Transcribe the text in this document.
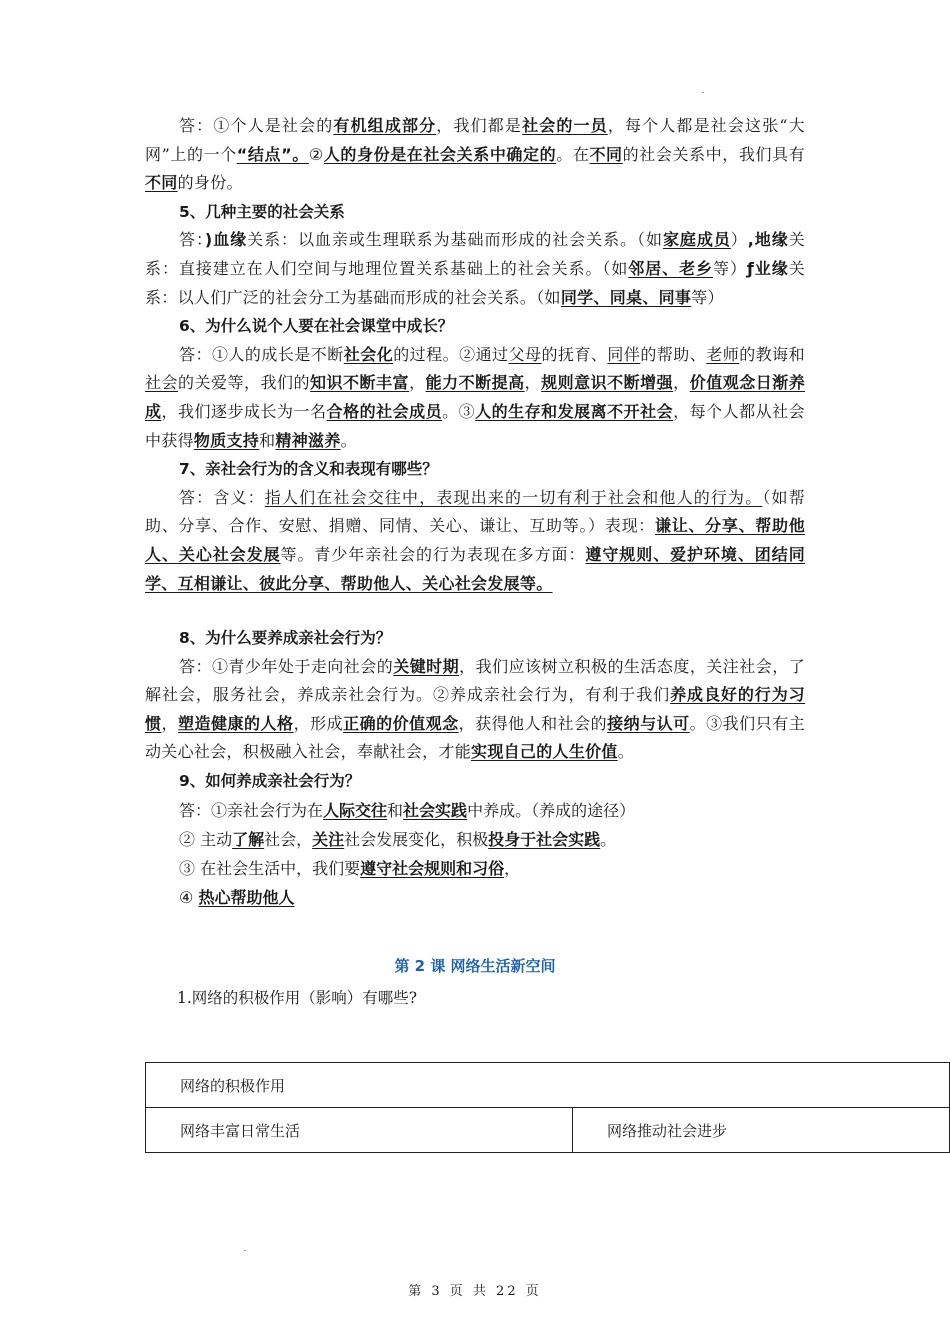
答：①个人是社会的有机组成部分，我们都是社会的一员，每个人都是社会这张“大网”上的一个“结点”。②人的身份是在社会关系中确定的。在不同的社会关系中，我们具有不同的身份。

5、几种主要的社会关系

答：)血缘关系：以血亲或生理联系为基础而形成的社会关系。（如家庭成员）,地缘关系：直接建立在人们空间与地理位置关系基础上的社会关系。（如邻居、老乡等）ƒ业缘关系：以人们广泛的社会分工为基础而形成的社会关系。（如同学、同桌、同事等）

6、为什么说个人要在社会课堂中成长？

答：①人的成长是不断社会化的过程。②通过父母的抚育、同伴的帮助、老师的教诲和社会的关爱等，我们的知识不断丰富，能力不断提高，规则意识不断增强，价值观念日渐养成，我们逐步成长为一名合格的社会成员。③人的生存和发展离不开社会，每个人都从社会中获得物质支持和精神滋养。

7、亲社会行为的含义和表现有哪些？

答：含义：指人们在社会交往中，表现出来的一切有利于社会和他人的行为。（如帮助、分享、合作、安慰、捐赠、同情、关心、谦让、互助等。）表现：谦让、分享、帮助他人、关心社会发展等。青少年亲社会的行为表现在多方面：遵守规则、爱护环境、团结同学、互相谦让、彼此分享、帮助他人、关心社会发展等。

8、为什么要养成亲社会行为？

答：①青少年处于走向社会的关键时期，我们应该树立积极的生活态度，关注社会，了解社会，服务社会，养成亲社会行为。②养成亲社会行为，有利于我们养成良好的行为习惯，塑造健康的人格，形成正确的价值观念，获得他人和社会的接纳与认可。③我们只有主动关心社会，积极融入社会，奉献社会，才能实现自己的人生价值。

9、如何养成亲社会行为？

答：①亲社会行为在人际交往和社会实践中养成。（养成的途径）

② 主动了解社会，关注社会发展变化，积极投身于社会实践。

③ 在社会生活中，我们要遵守社会规则和习俗，

④ 热心帮助他人

第 2 课 网络生活新空间

1.网络的积极作用（影响）有哪些?

网络的积极作用
网络丰富日常生活	网络推动社会进步
第 3 页 共 22 页
